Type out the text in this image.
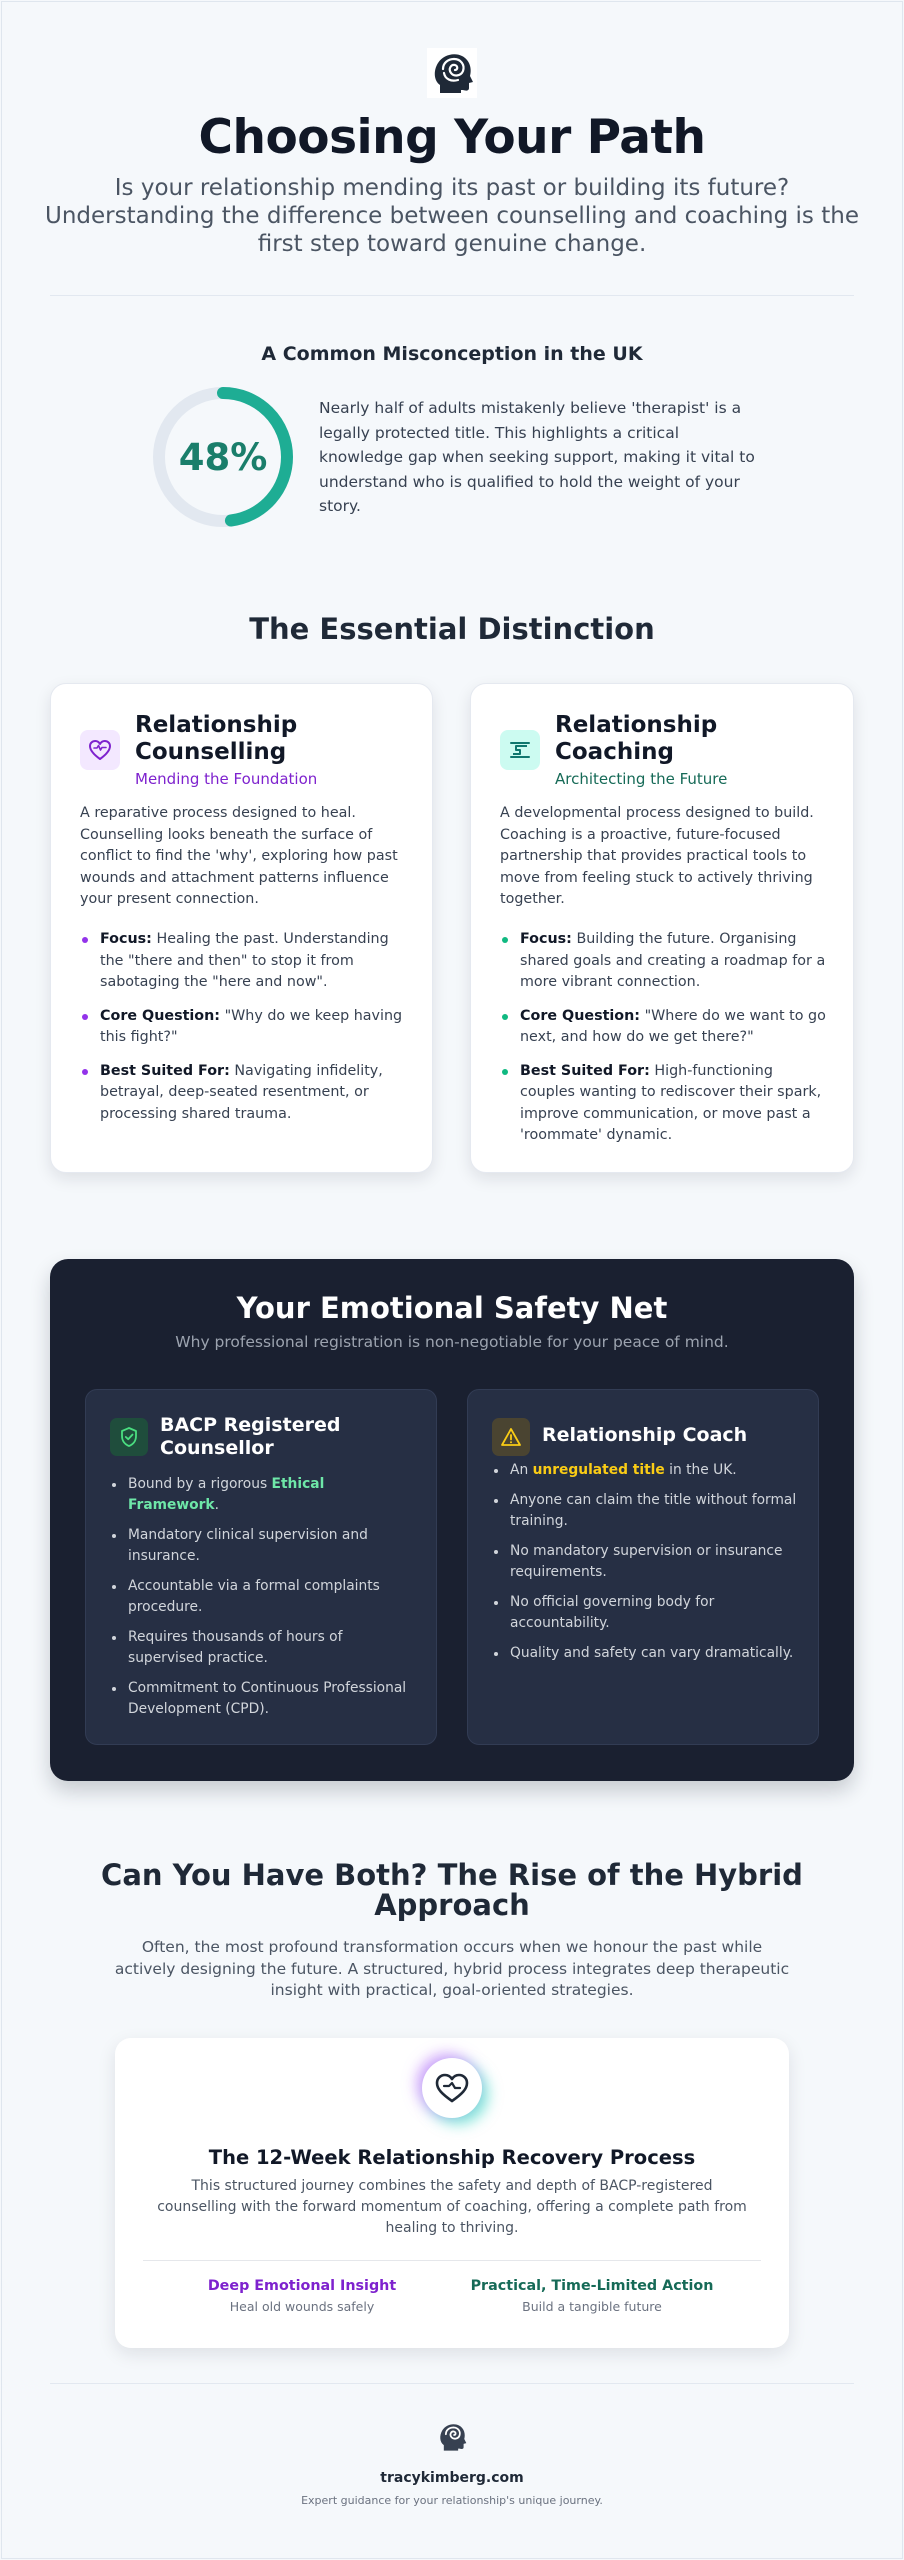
Choosing Your Path
Is your relationship mending its past or building its future? Understanding the difference between counselling and coaching is the first step toward genuine change.
A Common Misconception in the UK
48%
Nearly half of adults mistakenly believe 'therapist' is a legally protected title. This highlights a critical knowledge gap when seeking support, making it vital to understand who is qualified to hold the weight of your story.
The Essential Distinction
Relationship
Counselling
Mending the Foundation
A reparative process designed to heal. Counselling looks beneath the surface of conflict to find the 'why', exploring how past wounds and attachment patterns influence your present connection.
Focus: Healing the past. Understanding the "there and then" to stop it from sabotaging the "here and now".
Core Question: "Why do we keep having this fight?"
Best Suited For: Navigating infidelity, betrayal, deep-seated resentment, or processing shared trauma.
Relationship
Coaching
Architecting the Future
A developmental process designed to build. Coaching is a proactive, future-focused partnership that provides practical tools to move from feeling stuck to actively thriving together.
Focus: Building the future. Organising shared goals and creating a roadmap for a more vibrant connection.
Core Question: "Where do we want to go next, and how do we get there?"
Best Suited For: High-functioning couples wanting to rediscover their spark, improve communication, or move past a 'roommate' dynamic.
Your Emotional Safety Net
Why professional registration is non-negotiable for your peace of mind.
BACP Registered
Counsellor
Bound by a rigorous Ethical Framework.
Mandatory clinical supervision and insurance.
Accountable via a formal complaints procedure.
Requires thousands of hours of supervised practice.
Commitment to Continuous Professional Development (CPD).
Relationship Coach
An unregulated title in the UK.
Anyone can claim the title without formal training.
No mandatory supervision or insurance requirements.
No official governing body for accountability.
Quality and safety can vary dramatically.
Can You Have Both? The Rise of the Hybrid Approach
Often, the most profound transformation occurs when we honour the past while actively designing the future. A structured, hybrid process integrates deep therapeutic insight with practical, goal-oriented strategies.
The 12-Week Relationship Recovery Process
This structured journey combines the safety and depth of BACP-registered counselling with the forward momentum of coaching, offering a complete path from healing to thriving.
Deep Emotional Insight
Heal old wounds safely
Practical, Time-Limited Action
Build a tangible future
tracykimberg.com
Expert guidance for your relationship's unique journey.
